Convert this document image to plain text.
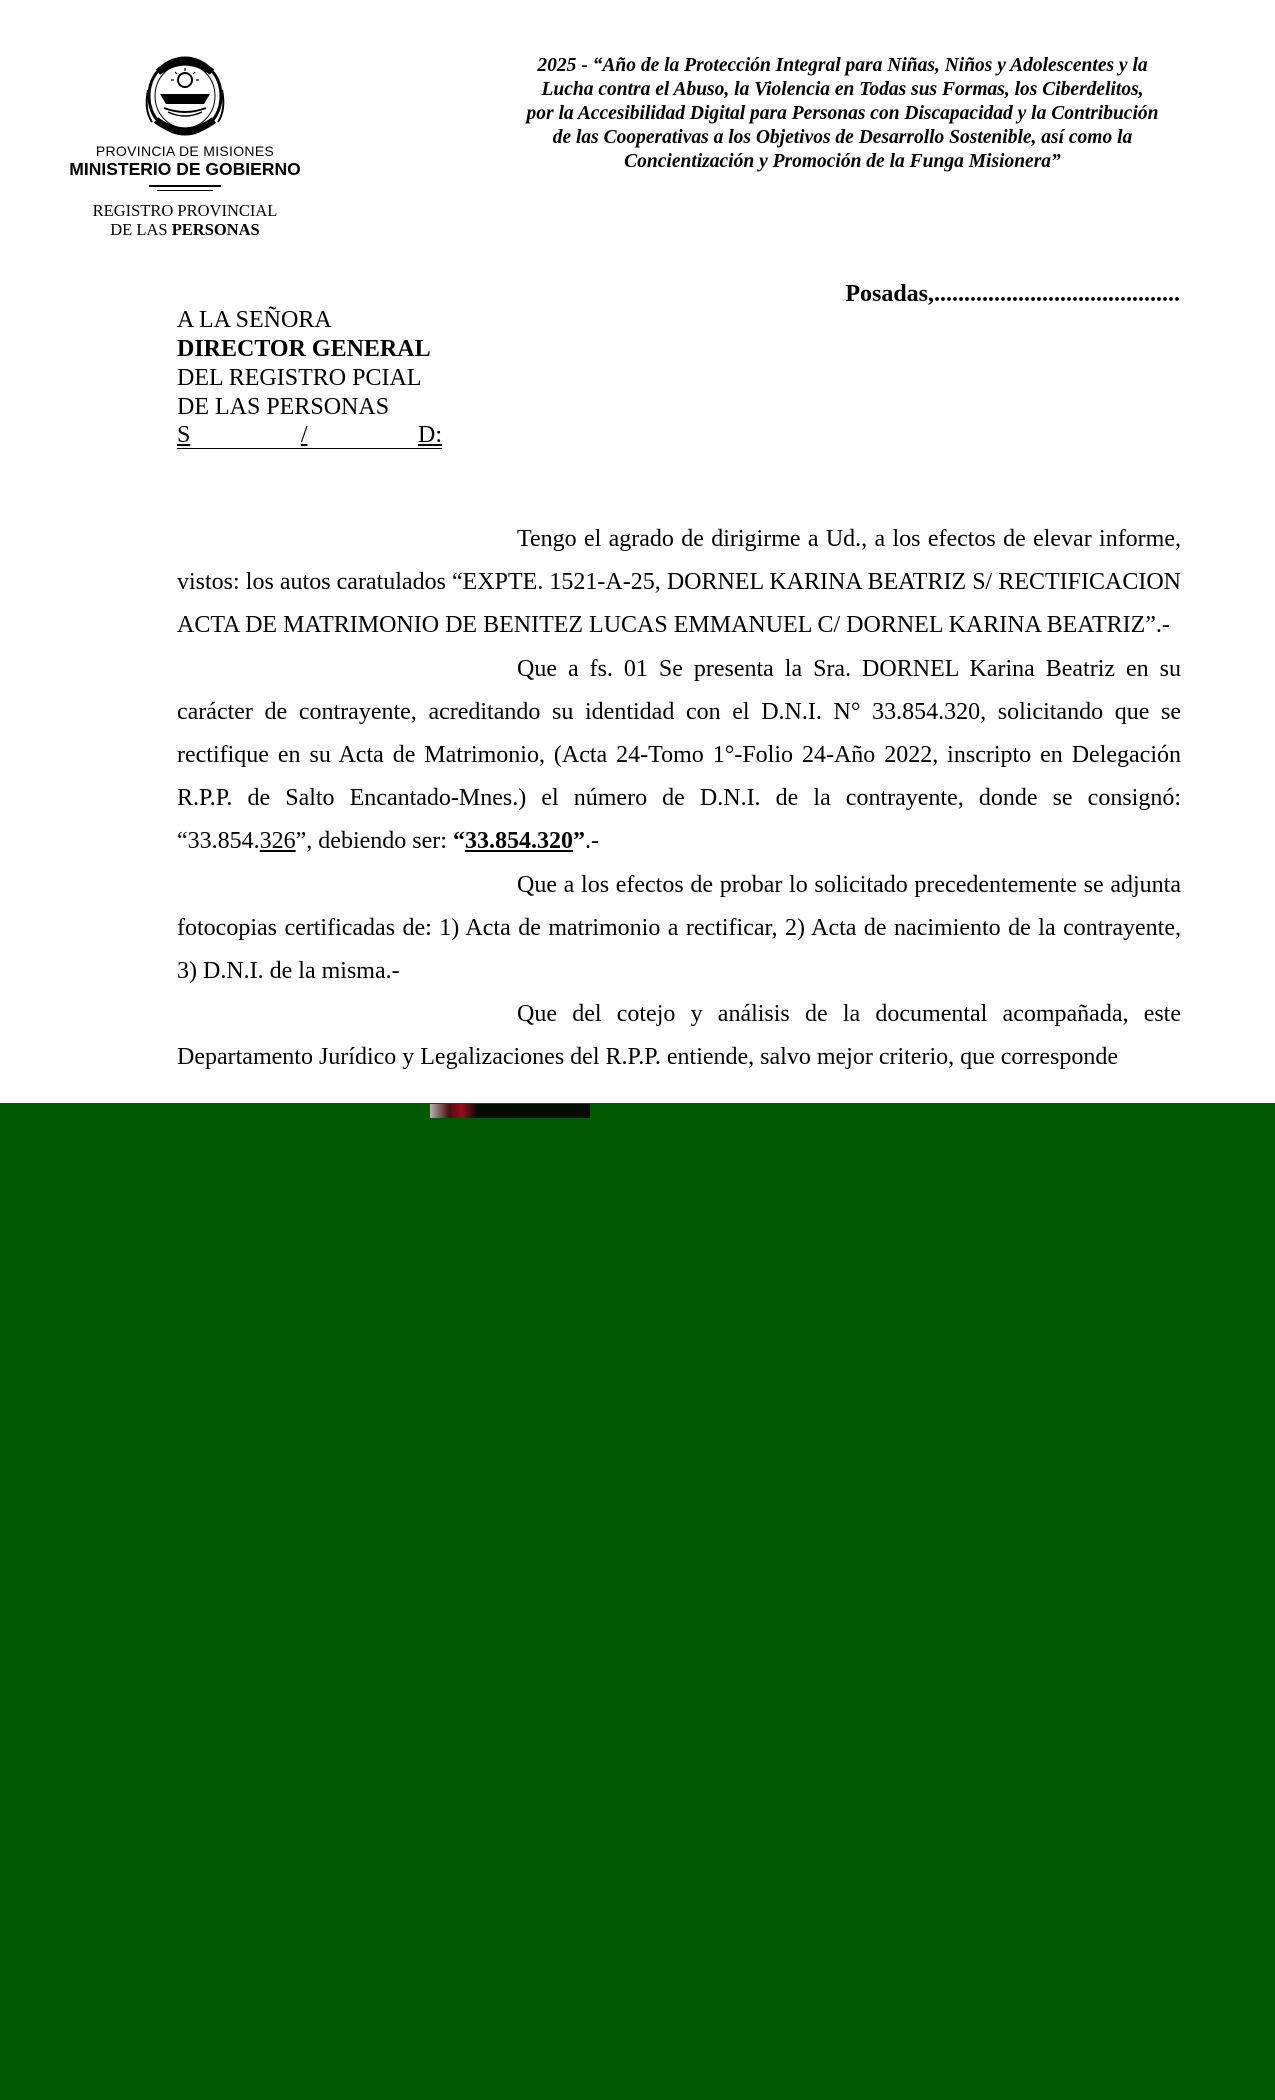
PROVINCIA DE MISIONES
MINISTERIO DE GOBIERNO
REGISTRO PROVINCIAL
DE LAS PERSONAS
2025 - “Año de la Protección Integral para Niñas, Niños y Adolescentes y la
Lucha contra el Abuso, la Violencia en Todas sus Formas, los Ciberdelitos,
por la Accesibilidad Digital para Personas con Discapacidad y la Contribución
de las Cooperativas a los Objetivos de Desarrollo Sostenible, así como la
Concientización y Promoción de la Funga Misionera”
Posadas,.........................................
A LA SEÑORA
DIRECTOR GENERAL
DEL REGISTRO PCIAL
DE LAS PERSONAS
S	/	D:

Tengo el agrado de dirigirme a Ud., a los efectos de elevar informe, vistos: los autos caratulados “EXPTE. 1521-A-25, DORNEL KARINA BEATRIZ S/ RECTIFICACION ACTA DE MATRIMONIO DE BENITEZ LUCAS EMMANUEL C/ DORNEL KARINA BEATRIZ”.-

Que a fs. 01 Se presenta la Sra. DORNEL Karina Beatriz en su carácter de contrayente, acreditando su identidad con el D.N.I. N° 33.854.320, solicitando que se rectifique en su Acta de Matrimonio, (Acta 24-Tomo 1°-Folio 24-Año 2022, inscripto en Delegación R.P.P. de Salto Encantado-Mnes.) el número de D.N.I. de la contrayente, donde se consignó: “33.854.326”, debiendo ser: “33.854.320”.-

Que a los efectos de probar lo solicitado precedentemente se adjunta fotocopias certificadas de: 1) Acta de matrimonio a rectificar, 2) Acta de nacimiento de la contrayente, 3) D.N.I. de la misma.-

Que del cotejo y análisis de la documental acompañada, este Departamento Jurídico y Legalizaciones del R.P.P. entiende, salvo mejor criterio, que corresponde
